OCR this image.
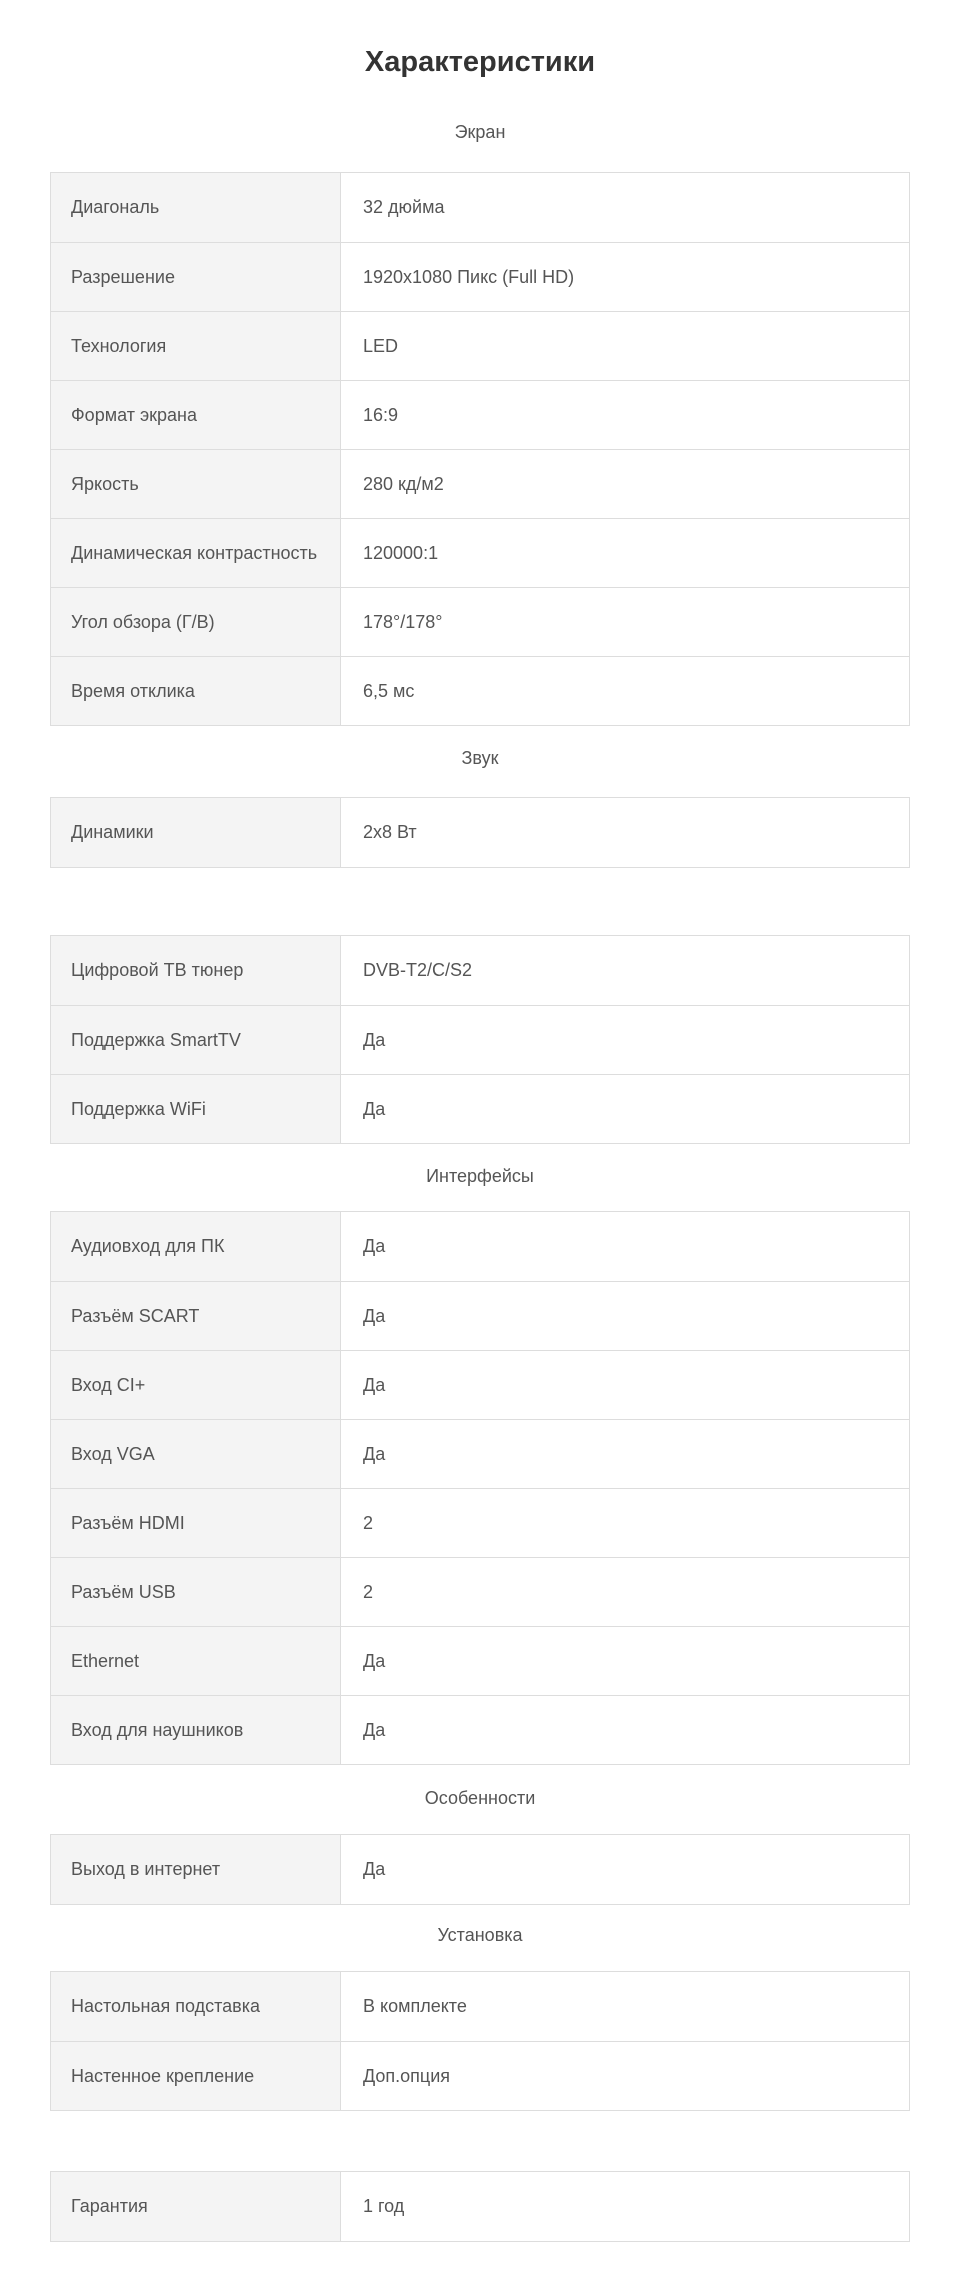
Характеристики
Экран
Диагональ	32 дюйма
Разрешение	1920x1080 Пикс (Full HD)
Технология	LED
Формат экрана	16:9
Яркость	280 кд/м2
Динамическая контрастность	120000:1
Угол обзора (Г/В)	178°/178°
Время отклика	6,5 мс
Звук
Динамики	2x8 Вт
Цифровой ТВ тюнер	DVB-T2/C/S2
Поддержка SmartTV	Да
Поддержка WiFi	Да
Интерфейсы
Аудиовход для ПК	Да
Разъём SCART	Да
Вход CI+	Да
Вход VGA	Да
Разъём HDMI	2
Разъём USB	2
Ethernet	Да
Вход для наушников	Да
Особенности
Выход в интернет	Да
Установка
Настольная подставка	В комплекте
Настенное крепление	Доп.опция
Гарантия	1 год
